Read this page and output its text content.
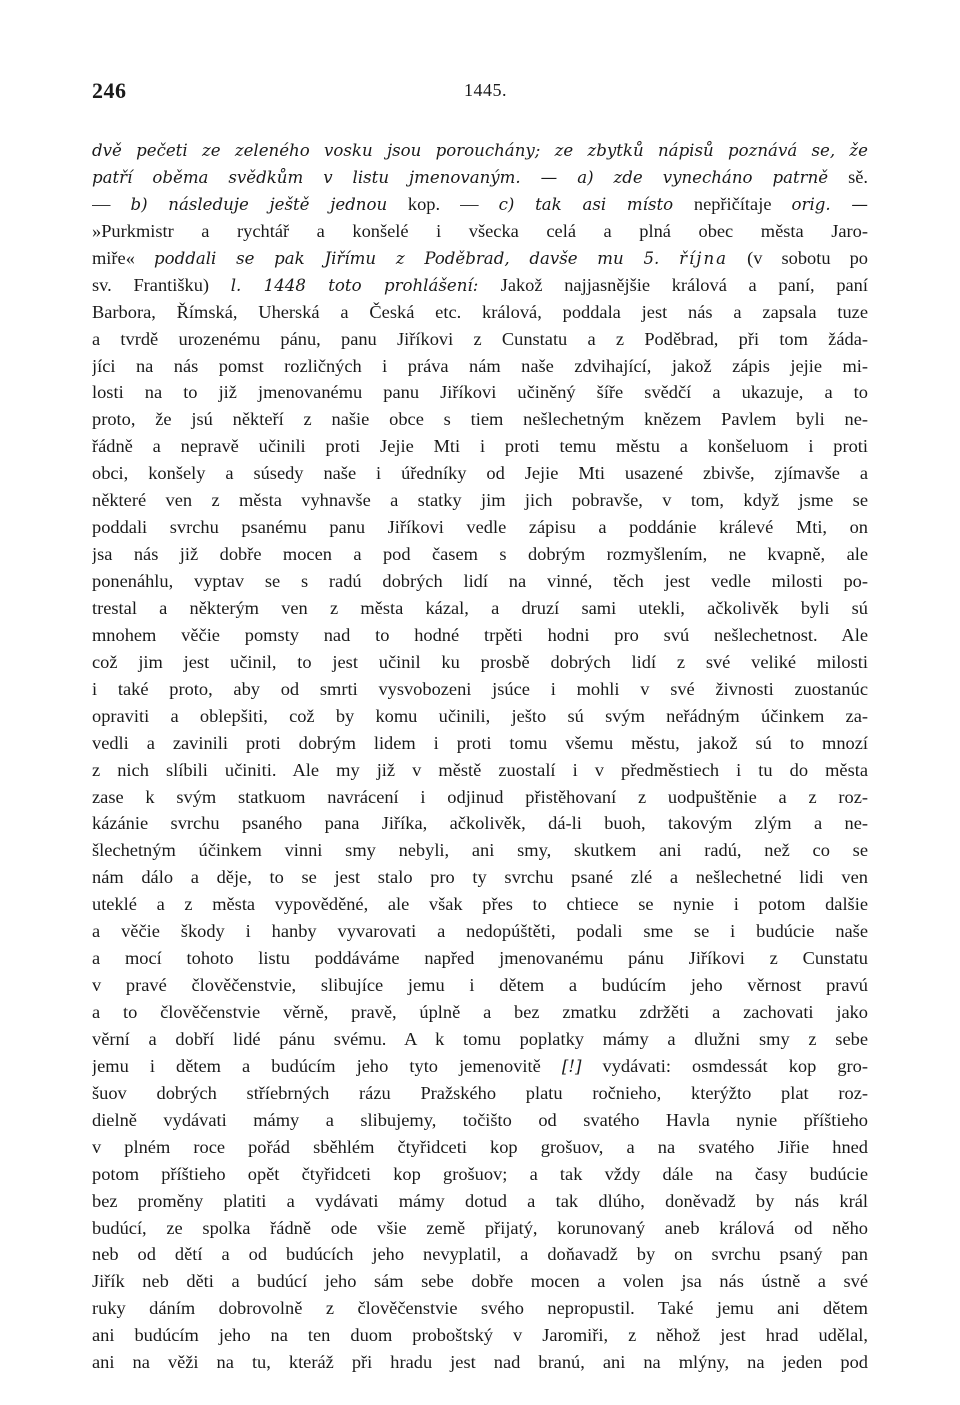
246	1445.
dvě pečeti ze zeleného vosku jsou porouchány; ze zbytků nápisů poznává se, že
patří oběma svědkům v listu jmenovaným. — a) zde vynecháno patrně sě.
— b) následuje ještě jednou kop. — c) tak asi místo nepřičítaje orig. —
»Purkmistr a rychtář a konšelé i všecka celá a plná obec města Jaro-
miře« poddali se pak Jiřímu z Poděbrad, davše mu 5. října (v sobotu po
sv. Františku) l. 1448 toto prohlášení: Jakož najjasnějšie králová a paní, paní
Barbora, Římská, Uherská a Česká etc. králová, poddala jest nás a zapsala tuze
a tvrdě urozenému pánu, panu Jiříkovi z Cunstatu a z Poděbrad, při tom žáda-
jíci na nás pomst rozličných i práva nám naše zdvihající, jakož zápis jejie mi-
losti na to již jmenovanému panu Jiříkovi učiněný šíře svědčí a ukazuje, a to
proto, že jsú někteří z našie obce s tiem nešlechetným knězem Pavlem byli ne-
řádně a nepravě učinili proti Jejie Mti i proti temu městu a konšeluom i proti
obci, konšely a súsedy naše i úředníky od Jejie Mti usazené zbivše, zjímavše a
některé ven z města vyhnavše a statky jim jich pobravše, v tom, když jsme se
poddali svrchu psanému panu Jiříkovi vedle zápisu a poddánie králevé Mti, on
jsa nás již dobře mocen a pod časem s dobrým rozmyšlením, ne kvapně, ale
ponenáhlu, vyptav se s radú dobrých lidí na vinné, těch jest vedle milosti po-
trestal a některým ven z města kázal, a druzí sami utekli, ačkolivěk byli sú
mnohem věčie pomsty nad to hodné trpěti hodni pro svú nešlechetnost. Ale
což jim jest učinil, to jest učinil ku prosbě dobrých lidí z své veliké milosti
i také proto, aby od smrti vysvobozeni jsúce i mohli v své živnosti zuostanúc
opraviti a oblepšiti, což by komu učinili, ješto sú svým neřádným účinkem za-
vedli a zavinili proti dobrým lidem i proti tomu všemu městu, jakož sú to mnozí
z nich slíbili učiniti. Ale my již v městě zuostalí i v předměstiech i tu do města
zase k svým statkuom navrácení i odjinud přistěhovaní z uodpuštěnie a z roz-
kázánie svrchu psaného pana Jiříka, ačkolivěk, dá-li buoh, takovým zlým a ne-
šlechetným účinkem vinni smy nebyli, ani smy, skutkem ani radú, než co se
nám dálo a děje, to se jest stalo pro ty svrchu psané zlé a nešlechetné lidi ven
uteklé a z města vypověděné, ale však přes to chtiece se nynie i potom dalšie
a věčie škody i hanby vyvarovati a nedopúštěti, podali sme se i budúcie naše
a mocí tohoto listu poddáváme napřed jmenovanému pánu Jiříkovi z Cunstatu
v pravé člověčenstvie, slibujíce jemu i dětem a budúcím jeho věrnost pravú
a to člověčenstvie věrně, pravě, úplně a bez zmatku zdržěti a zachovati jako
věrní a dobří lidé pánu svému. A k tomu poplatky mámy a dlužni smy z sebe
jemu i dětem a budúcím jeho tyto jemenovitě [!] vydávati: osmdessát kop gro-
šuov dobrých stříebrných rázu Pražského platu ročnieho, kterýžto plat roz-
dielně vydávati mámy a slibujemy, točišto od svatého Havla nynie příštieho
v plném roce pořád sběhlém čtyřidceti kop grošuov, a na svatého Jiřie hned
potom příštieho opět čtyřidceti kop grošuov; a tak vždy dále na časy budúcie
bez proměny platiti a vydávati mámy dotud a tak dlúho, doněvadž by nás král
budúcí, ze spolka řádně ode všie země přijatý, korunovaný aneb králová od něho
neb od dětí a od budúcích jeho nevyplatil, a doňavadž by on svrchu psaný pan
Jiřík neb děti a budúcí jeho sám sebe dobře mocen a volen jsa nás ústně a své
ruky dáním dobrovolně z člověčenstvie svého nepropustil. Také jemu ani dětem
ani budúcím jeho na ten duom proboštský v Jaromiři, z něhož jest hrad udělal,
ani na věži na tu, kteráž při hradu jest nad branú, ani na mlýny, na jeden pod
